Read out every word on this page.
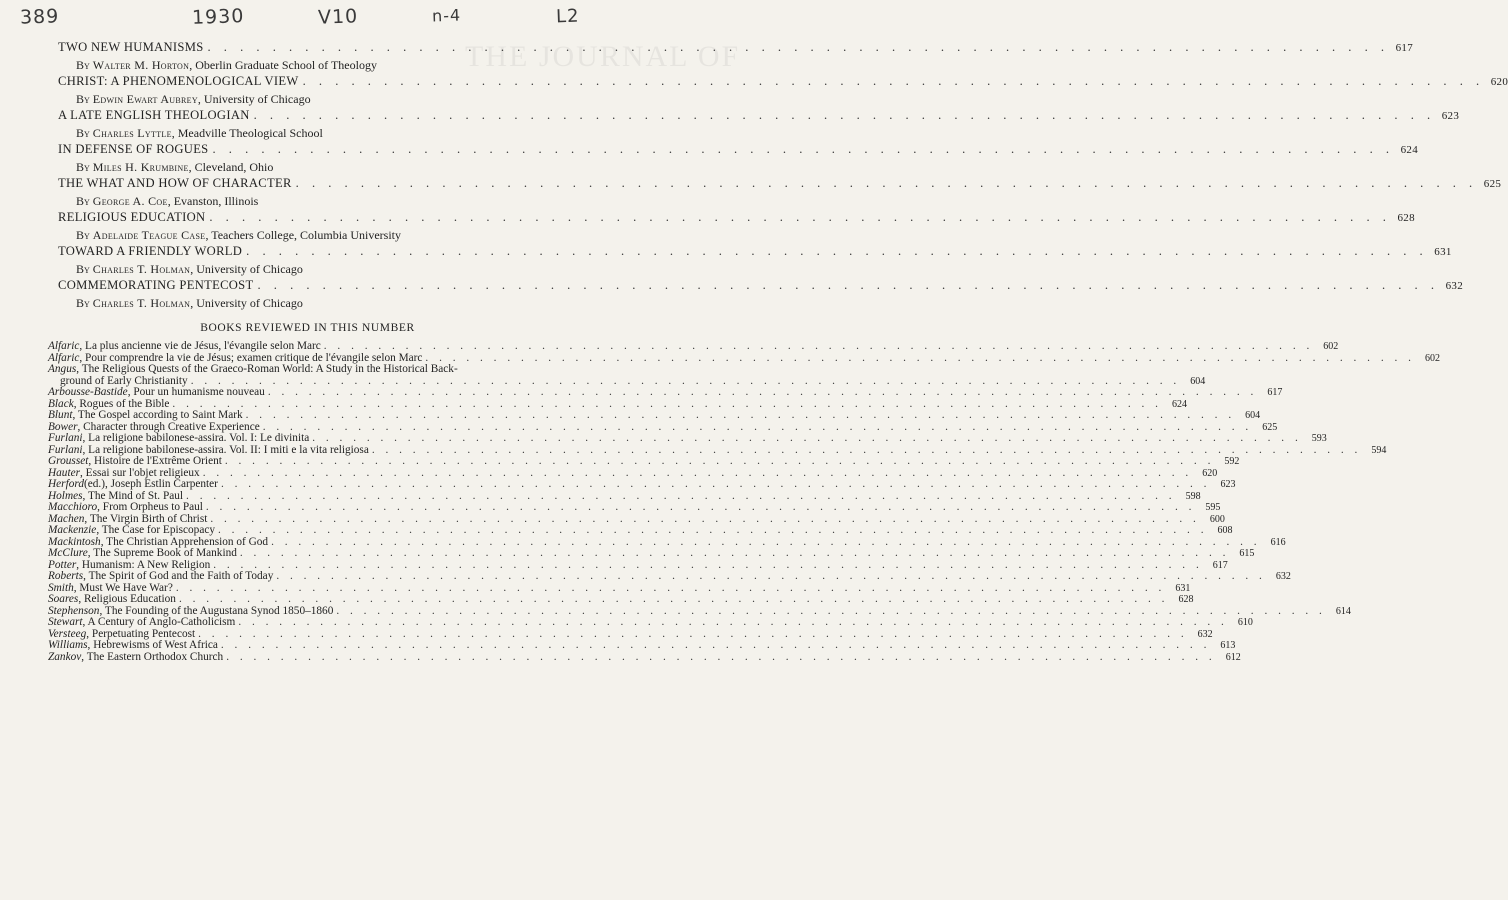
389	1930	V10	n-4	L2
THE JOURNAL OF
TWO NEW HUMANISMS . . .	617
By Walter M. Horton, Oberlin Graduate School of Theology
CHRIST: A PHENOMENOLOGICAL VIEW . . .	620
By Edwin Ewart Aubrey, University of Chicago
A LATE ENGLISH THEOLOGIAN . . .	623
By Charles Lyttle, Meadville Theological School
IN DEFENSE OF ROGUES . . .	624
By Miles H. Krumbine, Cleveland, Ohio
THE WHAT AND HOW OF CHARACTER . . .	625
By George A. Coe, Evanston, Illinois
RELIGIOUS EDUCATION . . .	628
By Adelaide Teague Case, Teachers College, Columbia University
TOWARD A FRIENDLY WORLD . . .	631
By Charles T. Holman, University of Chicago
COMMEMORATING PENTECOST . . .	632
By Charles T. Holman, University of Chicago
BOOKS REVIEWED IN THIS NUMBER
Alfaric , La plus ancienne vie de Jésus, l'évangile selon Marc . . .	602
Alfaric , Pour comprendre la vie de Jésus; examen critique de l'évangile selon Marc . . .	602
Angus , The Religious Quests of the Graeco-Roman World: A Study in the Historical Back-
ground of Early Christianity . . .	604
Arbousse-Bastide , Pour un humanisme nouveau . . .	617
Black , Rogues of the Bible . . .	624
Blunt , The Gospel according to Saint Mark . . .	604
Bower , Character through Creative Experience . . .	625
Furlani , La religione babilonese-assira. Vol. I: Le divinita . . .	593
Furlani , La religione babilonese-assira. Vol. II: I miti e la vita religiosa . . .	594
Grousset , Histoire de l'Extrême Orient . . .	592
Hauter , Essai sur l'objet religieux . . .	620
Herford (ed.), Joseph Estlin Carpenter . . .	623
Holmes , The Mind of St. Paul . . .	598
Macchioro , From Orpheus to Paul . . .	595
Machen , The Virgin Birth of Christ . . .	600
Mackenzie , The Case for Episcopacy . . .	608
Mackintosh , The Christian Apprehension of God . . .	616
McClure , The Supreme Book of Mankind . . .	615
Potter , Humanism: A New Religion . . .	617
Roberts , The Spirit of God and the Faith of Today . . .	632
Smith , Must We Have War? . . .	631
Soares , Religious Education . . .	628
Stephenson , The Founding of the Augustana Synod 1850–1860 . . .	614
Stewart , A Century of Anglo-Catholicism . . .	610
Versteeg , Perpetuating Pentecost . . .	632
Williams , Hebrewisms of West Africa . . .	613
Zankov , The Eastern Orthodox Church . . .	612
